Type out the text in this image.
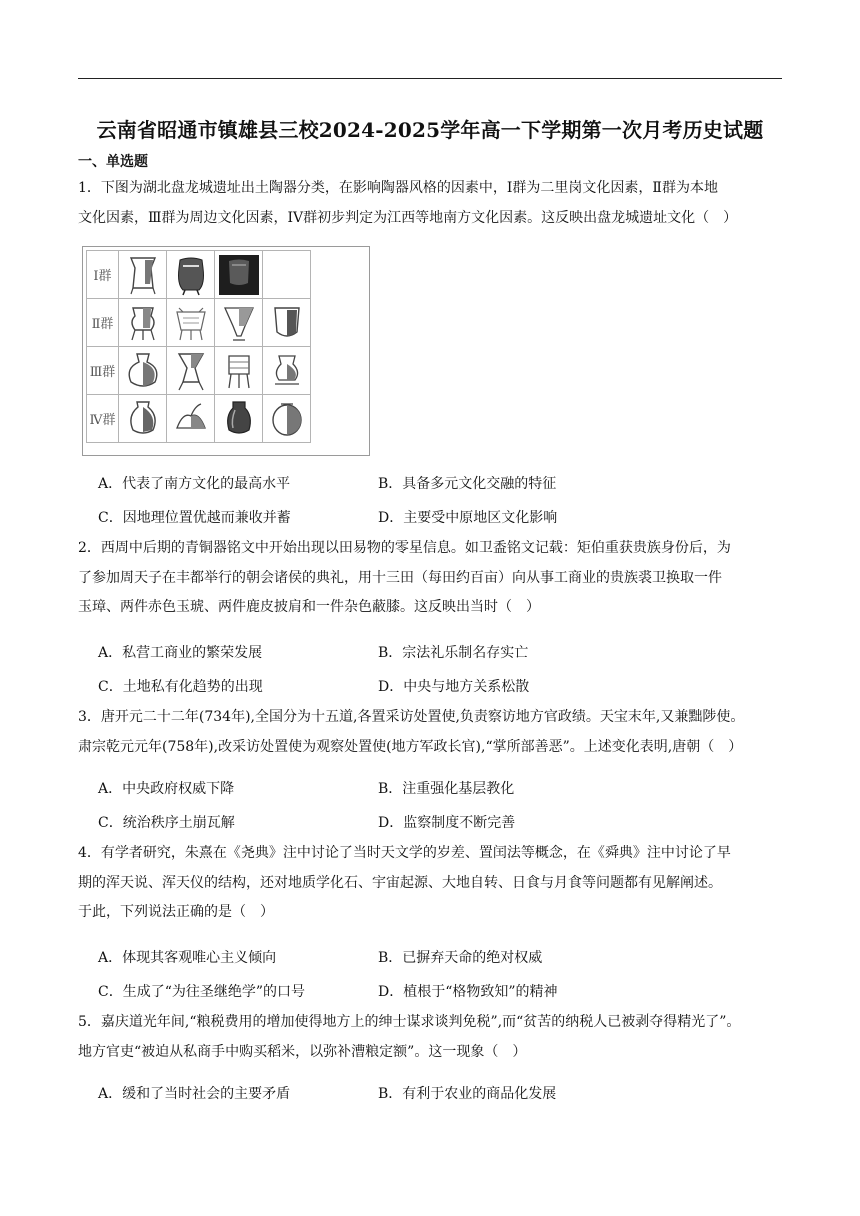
云南省昭通市镇雄县三校2024-2025学年高一下学期第一次月考历史试题
一、单选题

1．下图为湖北盘龙城遗址出土陶器分类，在影响陶器风格的因素中，Ⅰ群为二里岗文化因素，Ⅱ群为本地

文化因素，Ⅲ群为周边文化因素，ⅠⅤ群初步判定为江西等地南方文化因素。这反映出盘龙城遗址文化（　）

Ⅰ群	

Ⅱ群	

Ⅲ群	

Ⅳ群	

A．代表了南方文化的最高水平	B．具备多元文化交融的特征
C．因地理位置优越而兼收并蓄	D．主要受中原地区文化影响

2．西周中后期的青铜器铭文中开始出现以田易物的零星信息。如卫盉铭文记载：矩伯重获贵族身份后，为

了参加周天子在丰都举行的朝会诸侯的典礼，用十三田（每田约百亩）向从事工商业的贵族裘卫换取一件

玉璋、两件赤色玉琥、两件鹿皮披肩和一件杂色蔽膝。这反映出当时（　）

A．私营工商业的繁荣发展	B．宗法礼乐制名存实亡
C．土地私有化趋势的出现	D．中央与地方关系松散

3．唐开元二十二年(734年),全国分为十五道,各置采访处置使,负责察访地方官政绩。天宝末年,又兼黜陟使。

肃宗乾元元年(758年),改采访处置使为观察处置使(地方军政长官),“掌所部善恶”。上述变化表明,唐朝（　）

A．中央政府权威下降	B．注重强化基层教化
C．统治秩序土崩瓦解	D．监察制度不断完善

4．有学者研究，朱熹在《尧典》注中讨论了当时天文学的岁差、置闰法等概念，在《舜典》注中讨论了早

期的浑天说、浑天仪的结构，还对地质学化石、宇宙起源、大地自转、日食与月食等问题都有见解阐述。

于此，下列说法正确的是（　）

A．体现其客观唯心主义倾向	B．已摒弃天命的绝对权威
C．生成了“为往圣继绝学”的口号	D．植根于“格物致知”的精神

5．嘉庆道光年间,“粮税费用的增加使得地方上的绅士谋求谈判免税”,而“贫苦的纳税人已被剥夺得精光了”。

地方官吏“被迫从私商手中购买稻米，以弥补漕粮定额”。这一现象（　）

A．缓和了当时社会的主要矛盾	B．有利于农业的商品化发展
